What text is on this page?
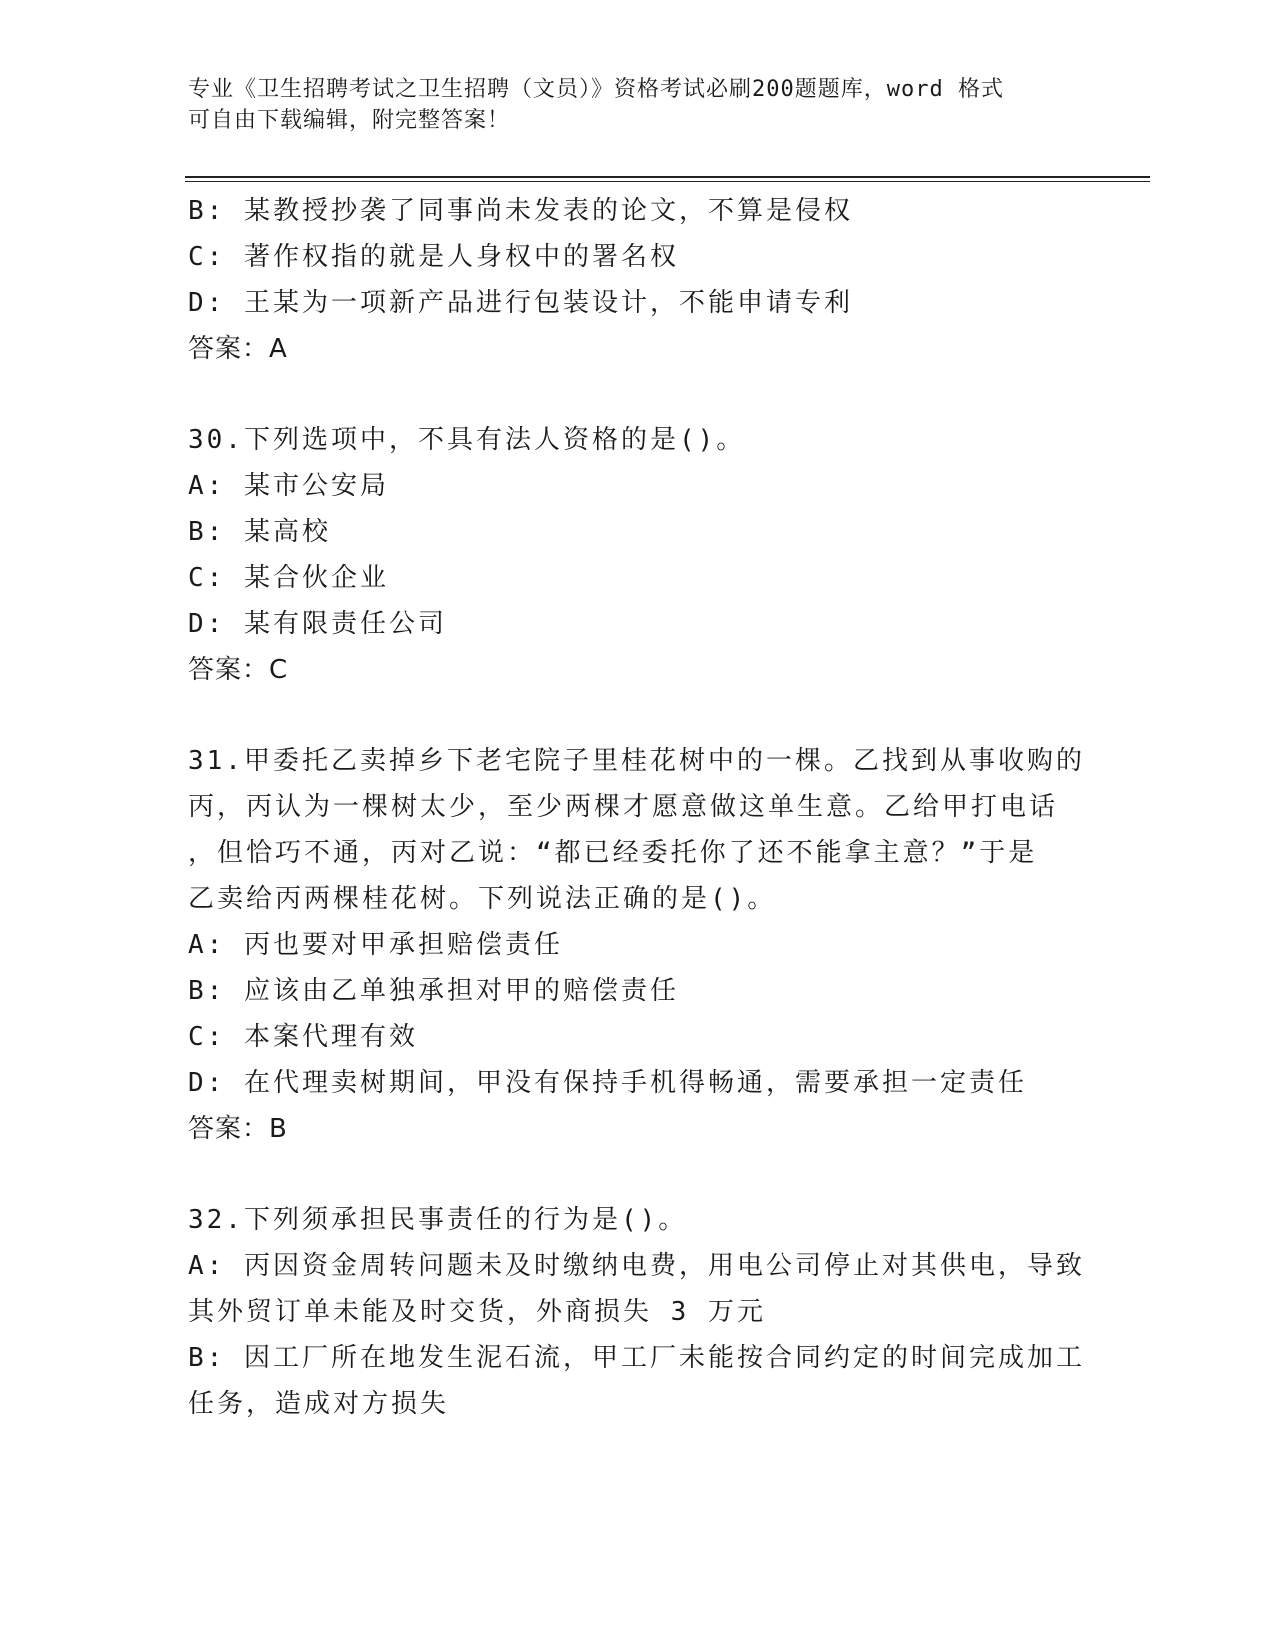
专业《卫生招聘考试之卫生招聘（文员）》资格考试必刷200题题库，word 格式
可自由下载编辑，附完整答案！
B: 某教授抄袭了同事尚未发表的论文，不算是侵权
C: 著作权指的就是人身权中的署名权
D: 王某为一项新产品进行包装设计，不能申请专利
答案：A
30.下列选项中，不具有法人资格的是()。
A: 某市公安局
B: 某高校
C: 某合伙企业
D: 某有限责任公司
答案：C
31.甲委托乙卖掉乡下老宅院子里桂花树中的一棵。乙找到从事收购的
丙，丙认为一棵树太少，至少两棵才愿意做这单生意。乙给甲打电话
，但恰巧不通，丙对乙说：“都已经委托你了还不能拿主意？”于是
乙卖给丙两棵桂花树。下列说法正确的是()。
A: 丙也要对甲承担赔偿责任
B: 应该由乙单独承担对甲的赔偿责任
C: 本案代理有效
D: 在代理卖树期间，甲没有保持手机得畅通，需要承担一定责任
答案：B
32.下列须承担民事责任的行为是()。
A: 丙因资金周转问题未及时缴纳电费，用电公司停止对其供电，导致
其外贸订单未能及时交货，外商损失 3 万元
B: 因工厂所在地发生泥石流，甲工厂未能按合同约定的时间完成加工
任务，造成对方损失
